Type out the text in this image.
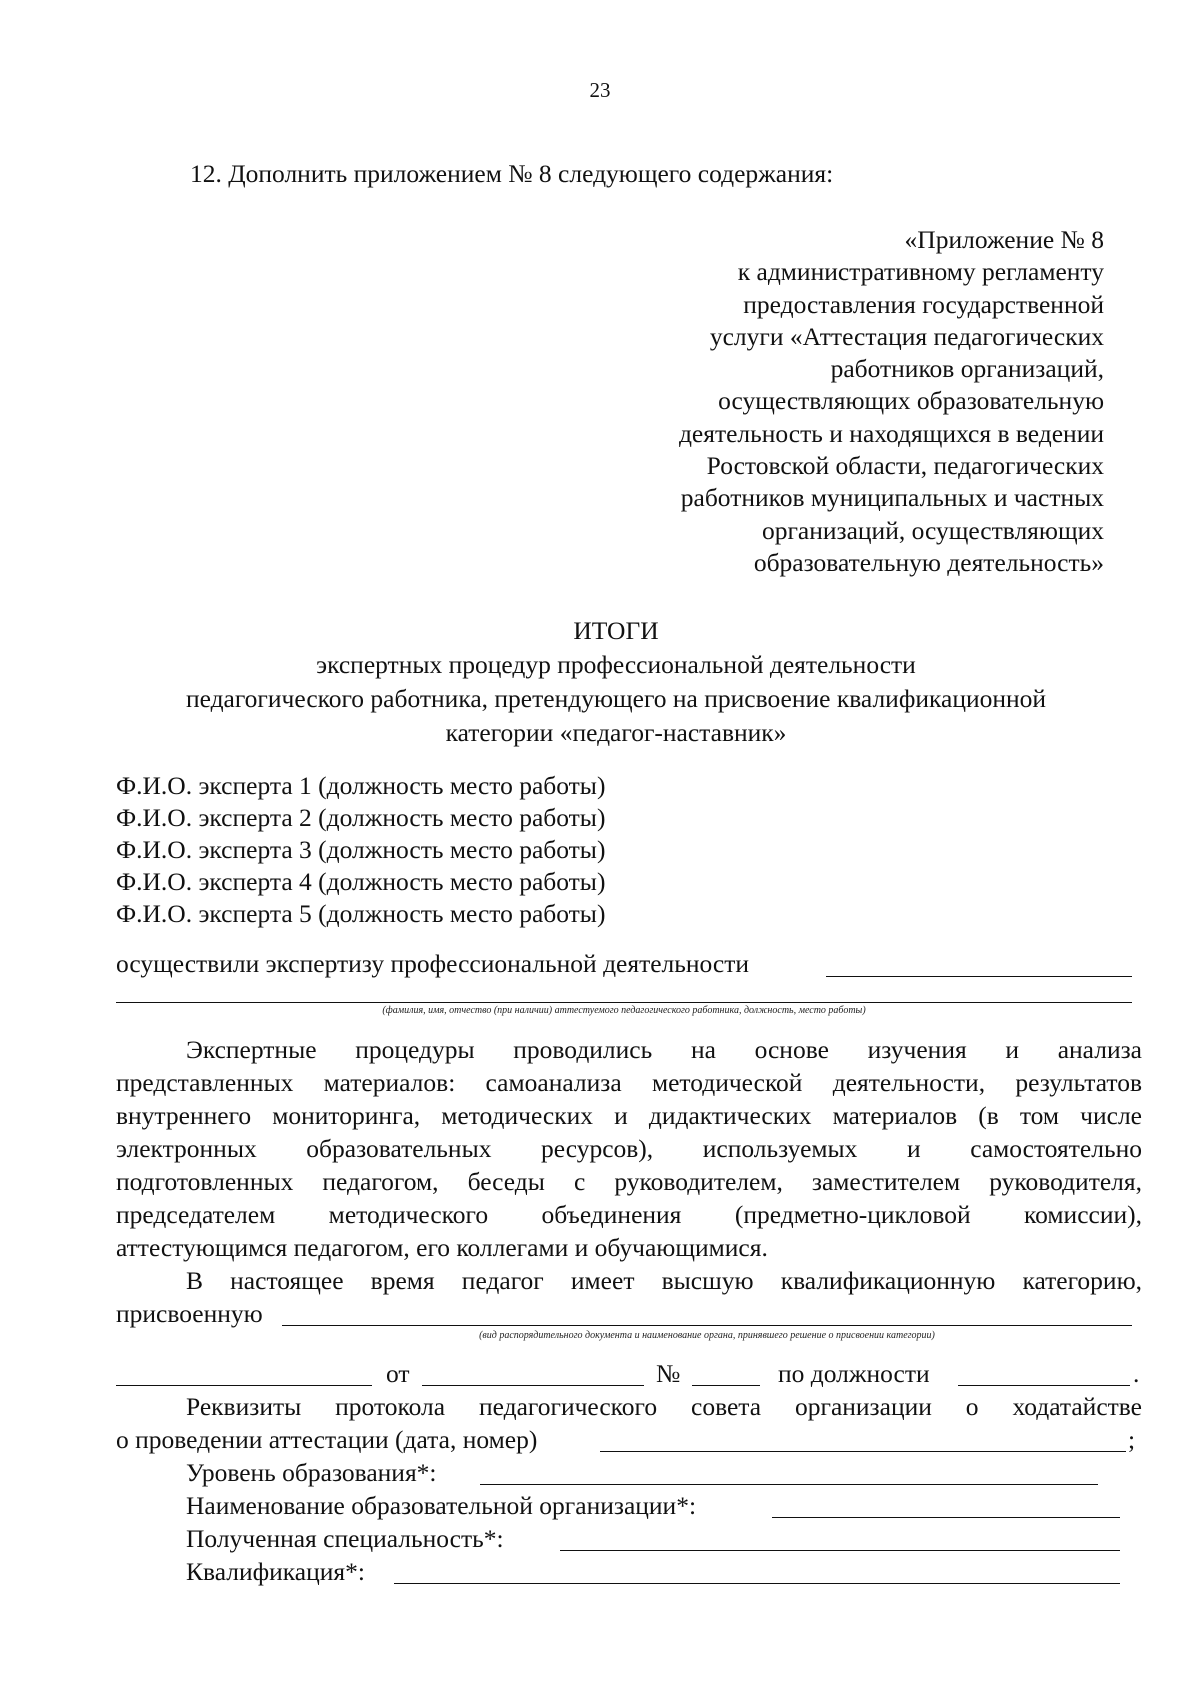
23
12. Дополнить приложением № 8 следующего содержания:
«Приложение № 8
к административному регламенту
предоставления государственной
услуги «Аттестация педагогических
работников организаций,
осуществляющих образовательную
деятельность и находящихся в ведении
Ростовской области, педагогических
работников муниципальных и частных
организаций, осуществляющих
образовательную деятельность»
ИТОГИ
экспертных процедур профессиональной деятельности
педагогического работника, претендующего на присвоение квалификационной
категории «педагог-наставник»
Ф.И.О. эксперта 1 (должность место работы)
Ф.И.О. эксперта 2 (должность место работы)
Ф.И.О. эксперта 3 (должность место работы)
Ф.И.О. эксперта 4 (должность место работы)
Ф.И.О. эксперта 5 (должность место работы)
осуществили экспертизу профессиональной деятельности
(фамилия, имя, отчество (при наличии) аттестуемого педагогического работника, должность, место работы)
Экспертные процедуры проводились на основе изучения и анализа
представленных материалов: самоанализа методической деятельности, результатов
внутреннего мониторинга, методических и дидактических материалов (в том числе
электронных образовательных ресурсов), используемых и самостоятельно
подготовленных педагогом, беседы с руководителем, заместителем руководителя,
председателем методического объединения (предметно-цикловой комиссии),
аттестующимся педагогом, его коллегами и обучающимися.
В настоящее время педагог имеет высшую квалификационную категорию,
присвоенную
(вид распорядительного документа и наименование органа, принявшего решение о присвоении категории)
от	№	по должности	.
Реквизиты протокола педагогического совета организации о ходатайстве
о проведении аттестации (дата, номер)	;
Уровень образования*:
Наименование образовательной организации*:
Полученная специальность*:
Квалификация*:
